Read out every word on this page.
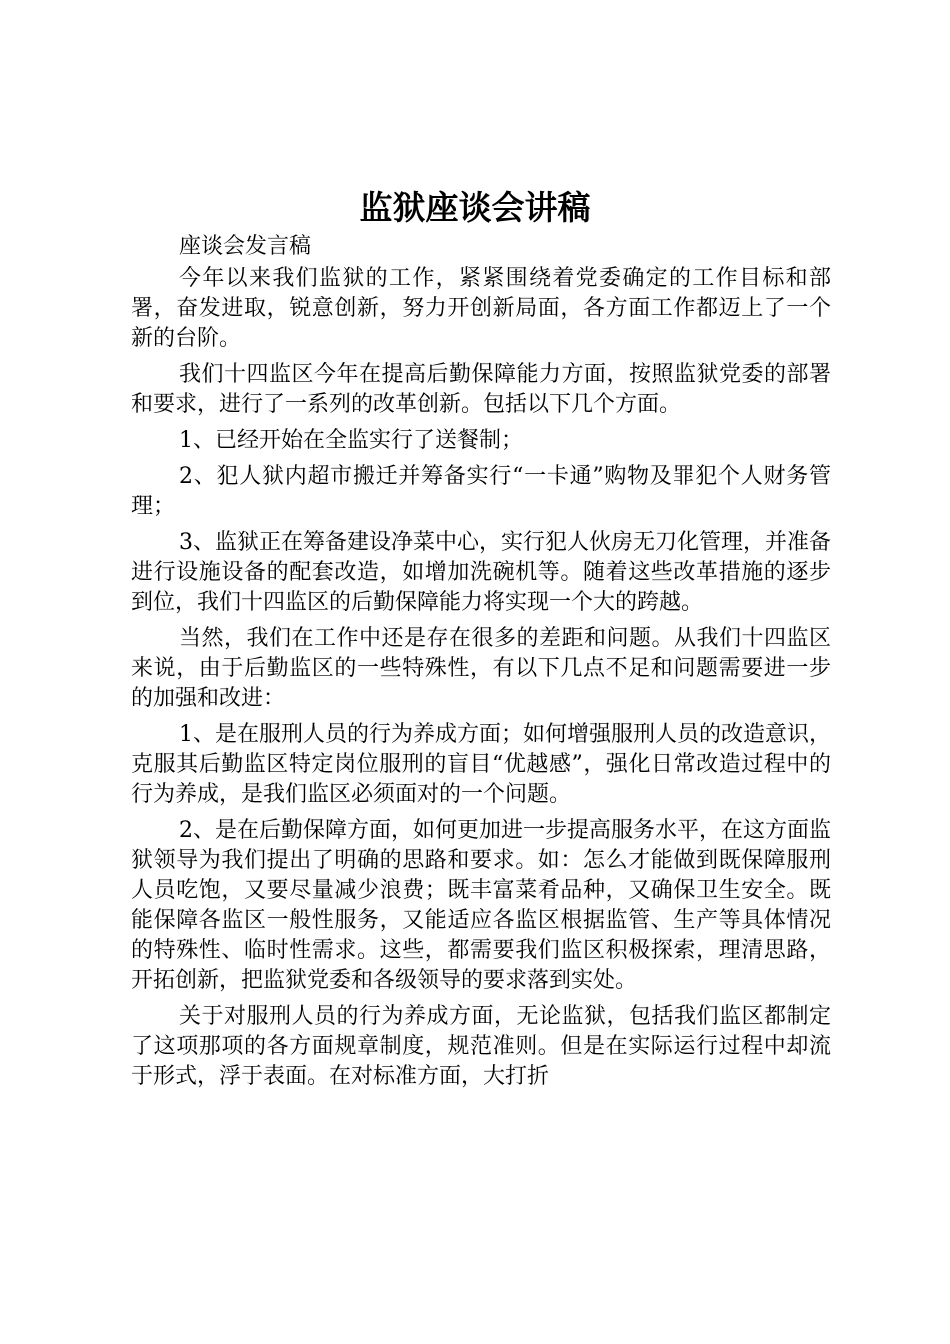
监狱座谈会讲稿

座谈会发言稿

今年以来我们监狱的工作，紧紧围绕着党委确定的工作目标和部署，奋发进取，锐意创新，努力开创新局面，各方面工作都迈上了一个新的台阶。

我们十四监区今年在提高后勤保障能力方面，按照监狱党委的部署和要求，进行了一系列的改革创新。包括以下几个方面。

1、已经开始在全监实行了送餐制；

2、犯人狱内超市搬迁并筹备实行“一卡通”购物及罪犯个人财务管理；

3、监狱正在筹备建设净菜中心，实行犯人伙房无刀化管理，并准备进行设施设备的配套改造，如增加洗碗机等。随着这些改革措施的逐步到位，我们十四监区的后勤保障能力将实现一个大的跨越。

当然，我们在工作中还是存在很多的差距和问题。从我们十四监区来说，由于后勤监区的一些特殊性，有以下几点不足和问题需要进一步的加强和改进：

1、是在服刑人员的行为养成方面；如何增强服刑人员的改造意识，克服其后勤监区特定岗位服刑的盲目“优越感”，强化日常改造过程中的行为养成，是我们监区必须面对的一个问题。

2、是在后勤保障方面，如何更加进一步提高服务水平，在这方面监狱领导为我们提出了明确的思路和要求。如：怎么才能做到既保障服刑人员吃饱，又要尽量减少浪费；既丰富菜肴品种，又确保卫生安全。既能保障各监区一般性服务，又能适应各监区根据监管、生产等具体情况的特殊性、临时性需求。这些，都需要我们监区积极探索，理清思路，开拓创新，把监狱党委和各级领导的要求落到实处。

关于对服刑人员的行为养成方面，无论监狱，包括我们监区都制定了这项那项的各方面规章制度，规范准则。但是在实际运行过程中却流于形式，浮于表面。在对标准方面，大打折
